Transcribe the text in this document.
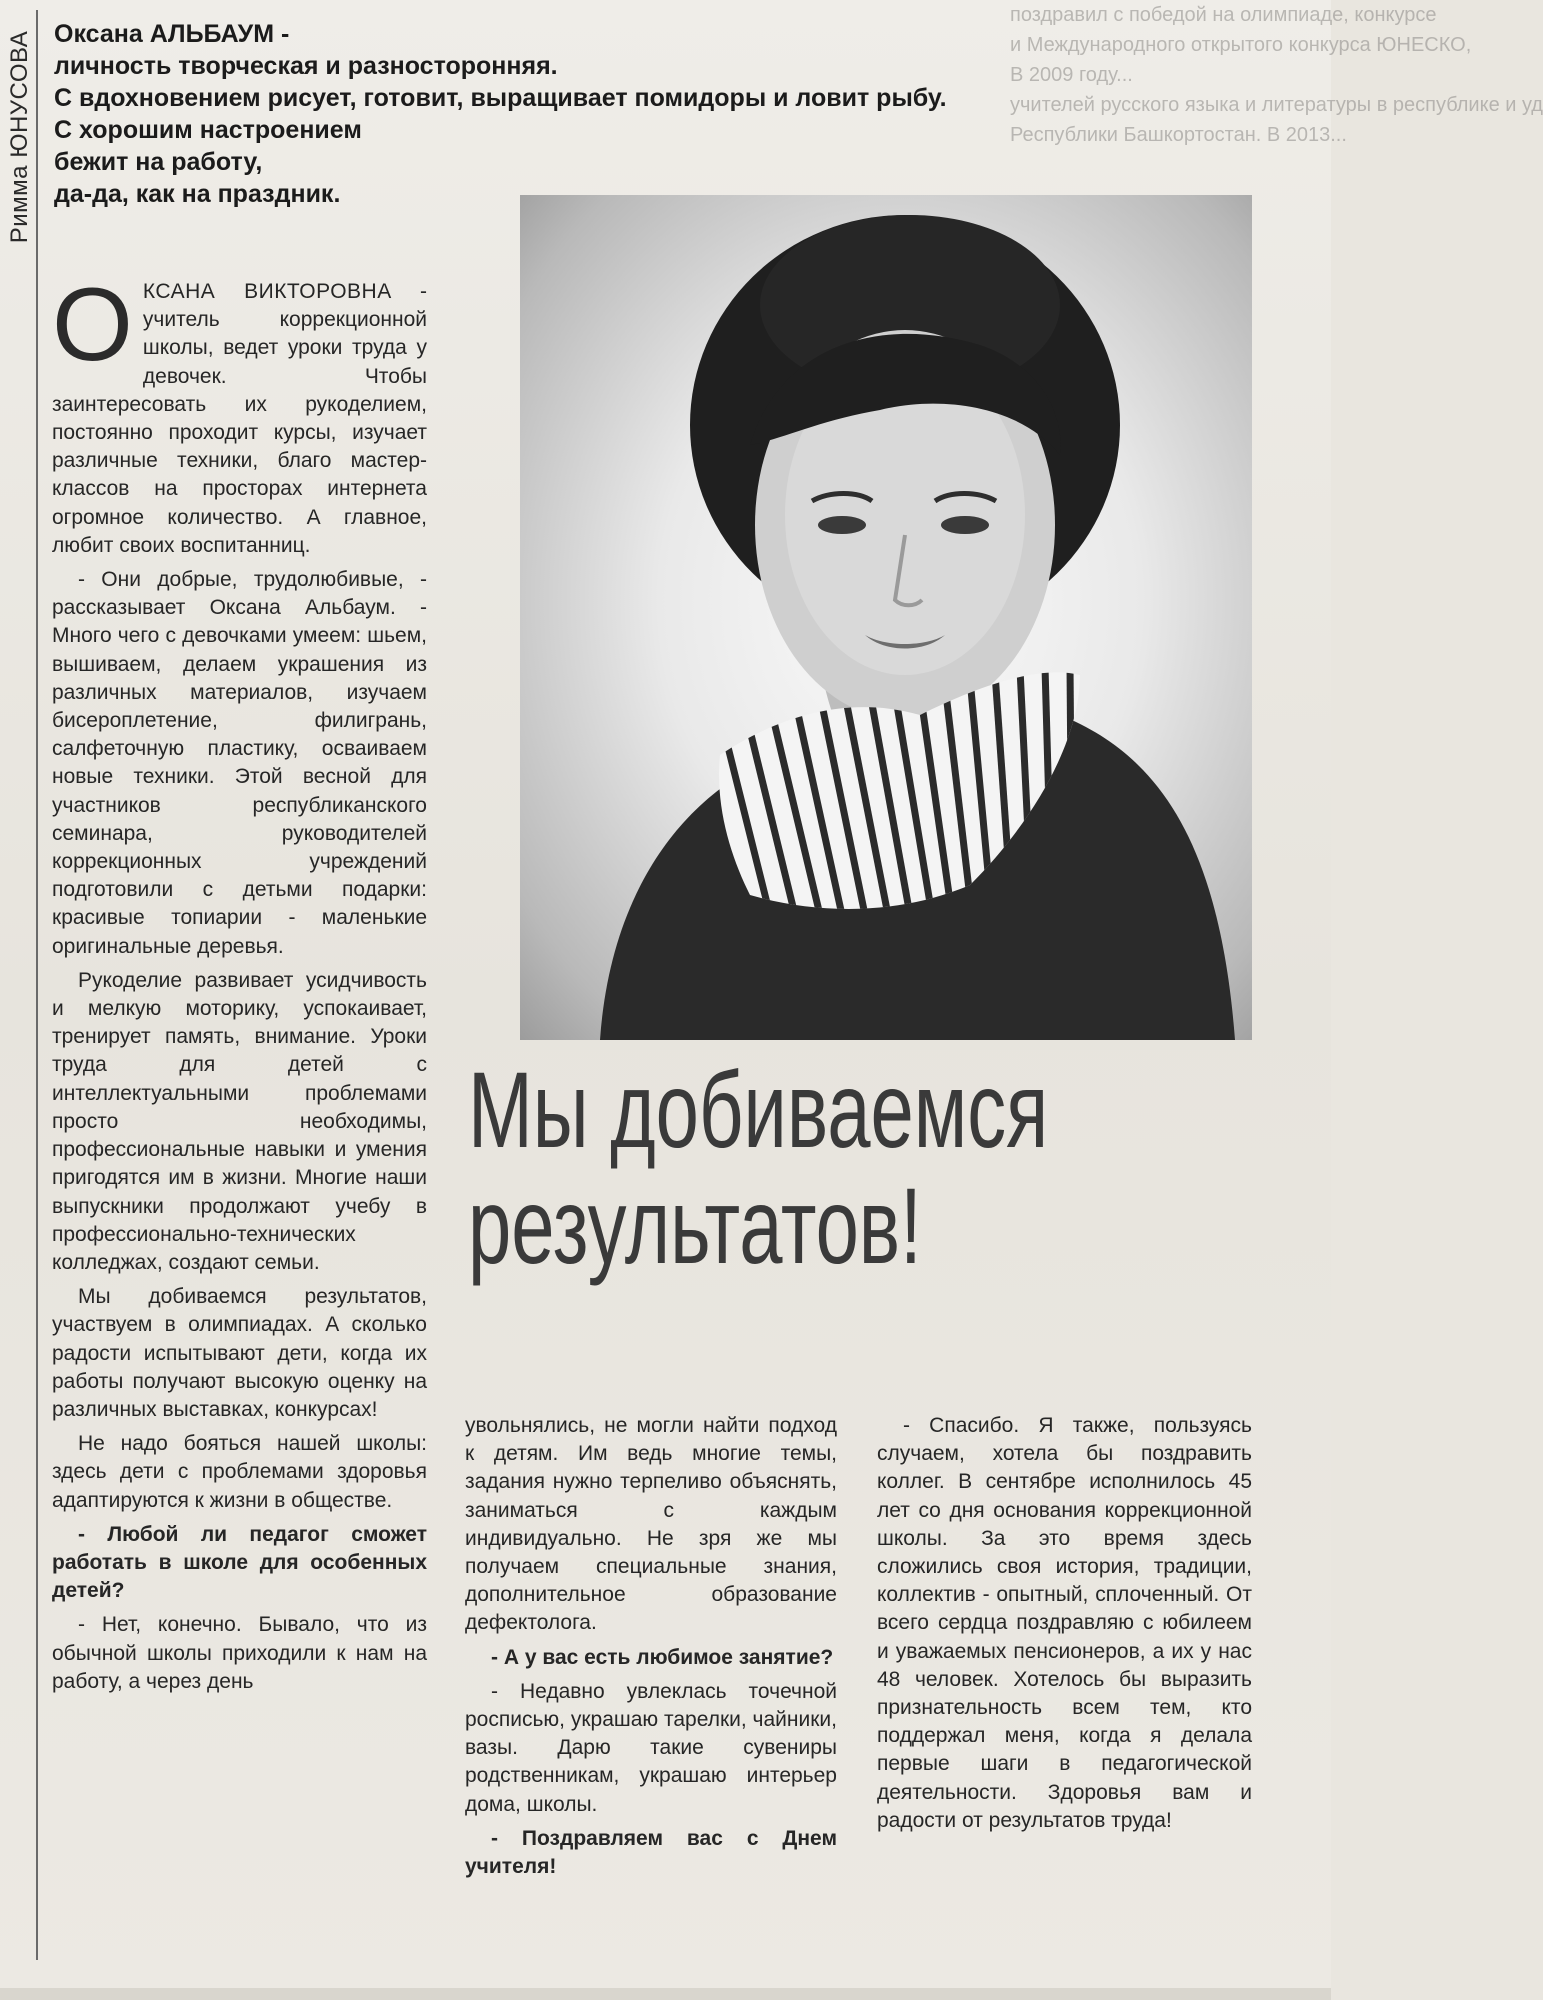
поздравил с победой на олимпиаде, конкурсе
и Международного открытого конкурса ЮНЕСКО,
В 2009 году...
учителей русского языка и литературы в республике и уд
Республики Башкортостан. В 2013...
Римма ЮНУСОВА Оксана АЛЬБАУМ -
личность творческая и разносторонняя.
С вдохновением рисует, готовит, выращивает помидоры и ловит рыбу.
С хорошим настроением
бежит на работу,
да-да, как на праздник.
Мы добиваемся
результатов!

ОКСАНА ВИКТОРОВНА - учитель коррекционной школы, ведет уроки труда у девочек. Чтобы заинтересовать их рукоделием, постоянно проходит курсы, изучает различные техники, благо мастер-классов на просторах интернета огромное количество. А главное, любит своих воспитанниц.

- Они добрые, трудолюбивые, - рассказывает Оксана Альбаум. - Много чего с девочками умеем: шьем, вышиваем, делаем украшения из различных материалов, изучаем бисероплетение, филигрань, салфеточную пластику, осваиваем новые техники. Этой весной для участников республиканского семинара, руководителей коррекционных учреждений подготовили с детьми подарки: красивые топиарии - маленькие оригинальные деревья.

Рукоделие развивает усидчивость и мелкую моторику, успокаивает, тренирует память, внимание. Уроки труда для детей с интеллектуальными проблемами просто необходимы, профессиональные навыки и умения пригодятся им в жизни. Многие наши выпускники продолжают учебу в профессионально-технических колледжах, создают семьи.

Мы добиваемся результатов, участвуем в олимпиадах. А сколько радости испытывают дети, когда их работы получают высокую оценку на различных выставках, конкурсах!

Не надо бояться нашей школы: здесь дети с проблемами здоровья адаптируются к жизни в обществе.

- Любой ли педагог сможет работать в школе для особенных детей?

- Нет, конечно. Бывало, что из обычной школы приходили к нам на работу, а через день

увольнялись, не могли найти подход к детям. Им ведь многие темы, задания нужно терпеливо объяснять, заниматься с каждым индивидуально. Не зря же мы получаем специальные знания, дополнительное образование дефектолога.

- А у вас есть любимое занятие?

- Недавно увлеклась точечной росписью, украшаю тарелки, чайники, вазы. Дарю такие сувениры родственникам, украшаю интерьер дома, школы.

- Поздравляем вас с Днем учителя!

- Спасибо. Я также, пользуясь случаем, хотела бы поздравить коллег. В сентябре исполнилось 45 лет со дня основания коррекционной школы. За это время здесь сложились своя история, традиции, коллектив - опытный, сплоченный. От всего сердца поздравляю с юбилеем и уважаемых пенсионеров, а их у нас 48 человек. Хотелось бы выразить признательность всем тем, кто поддержал меня, когда я делала первые шаги в педагогической деятельности. Здоровья вам и радости от результатов труда!
